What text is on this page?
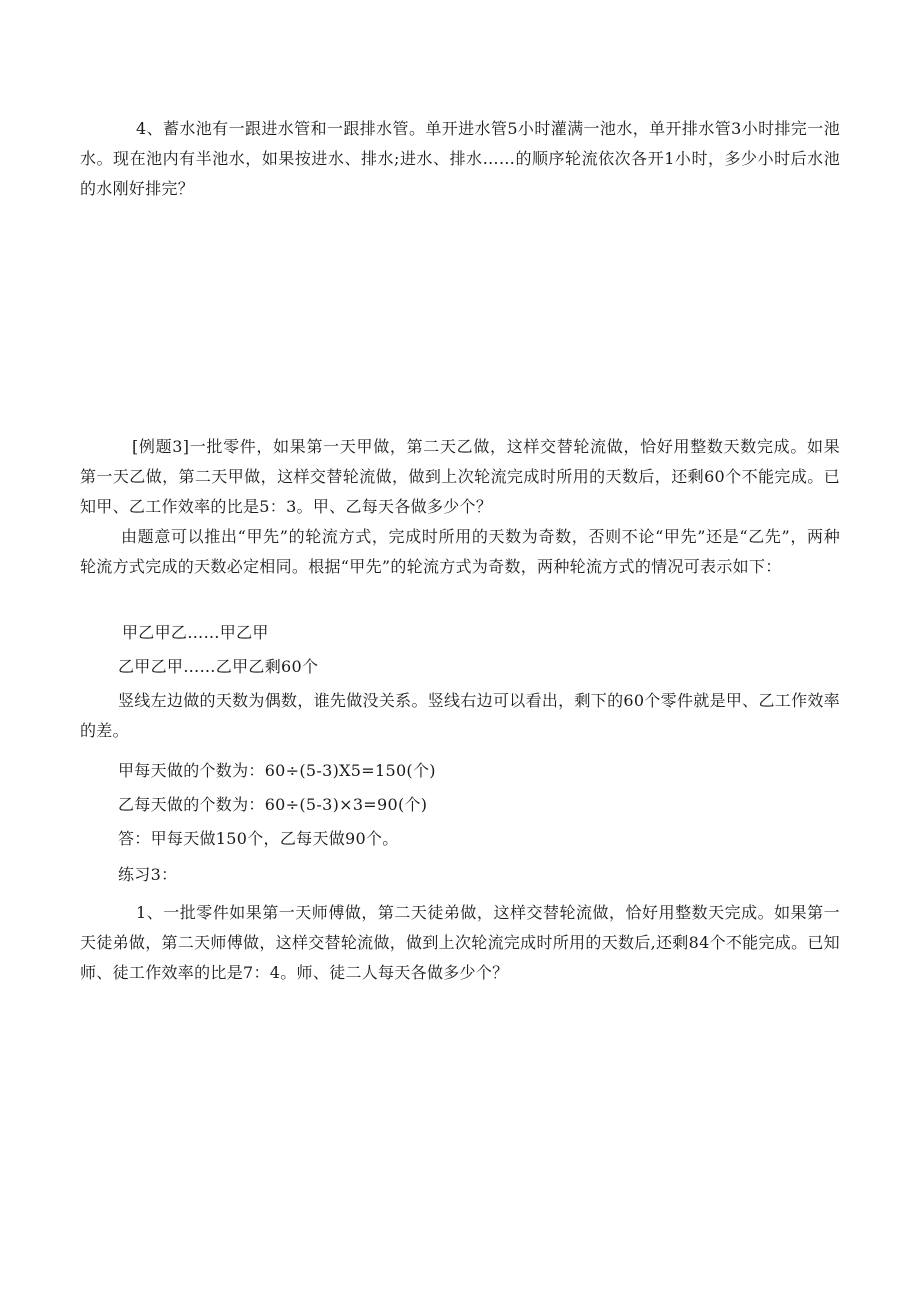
4、蓄水池有一跟进水管和一跟排水管。单开进水管5小时灌满一池水，单开排水管3小时排完一池水。现在池内有半池水，如果按进水、排水;进水、排水……的顺序轮流依次各开1小时，多少小时后水池的水刚好排完？

[例题3]一批零件，如果第一天甲做，第二天乙做，这样交替轮流做，恰好用整数天数完成。如果第一天乙做，第二天甲做，这样交替轮流做，做到上次轮流完成时所用的天数后，还剩60个不能完成。已知甲、乙工作效率的比是5：3。甲、乙每天各做多少个？

由题意可以推出“甲先”的轮流方式，完成时所用的天数为奇数，否则不论“甲先”还是“乙先”，两种轮流方式完成的天数必定相同。根据“甲先”的轮流方式为奇数，两种轮流方式的情况可表示如下：

甲乙甲乙……甲乙甲

乙甲乙甲……乙甲乙剩60个

竖线左边做的天数为偶数，谁先做没关系。竖线右边可以看出，剩下的60个零件就是甲、乙工作效率的差。

甲每天做的个数为：60÷(5-3)X5=150(个)

乙每天做的个数为：60÷(5-3)×3=90(个)

答：甲每天做150个，乙每天做90个。

练习3：

1、一批零件如果第一天师傅做，第二天徒弟做，这样交替轮流做，恰好用整数天完成。如果第一天徒弟做，第二天师傅做，这样交替轮流做，做到上次轮流完成时所用的天数后,还剩84个不能完成。已知师、徒工作效率的比是7：4。师、徒二人每天各做多少个？
